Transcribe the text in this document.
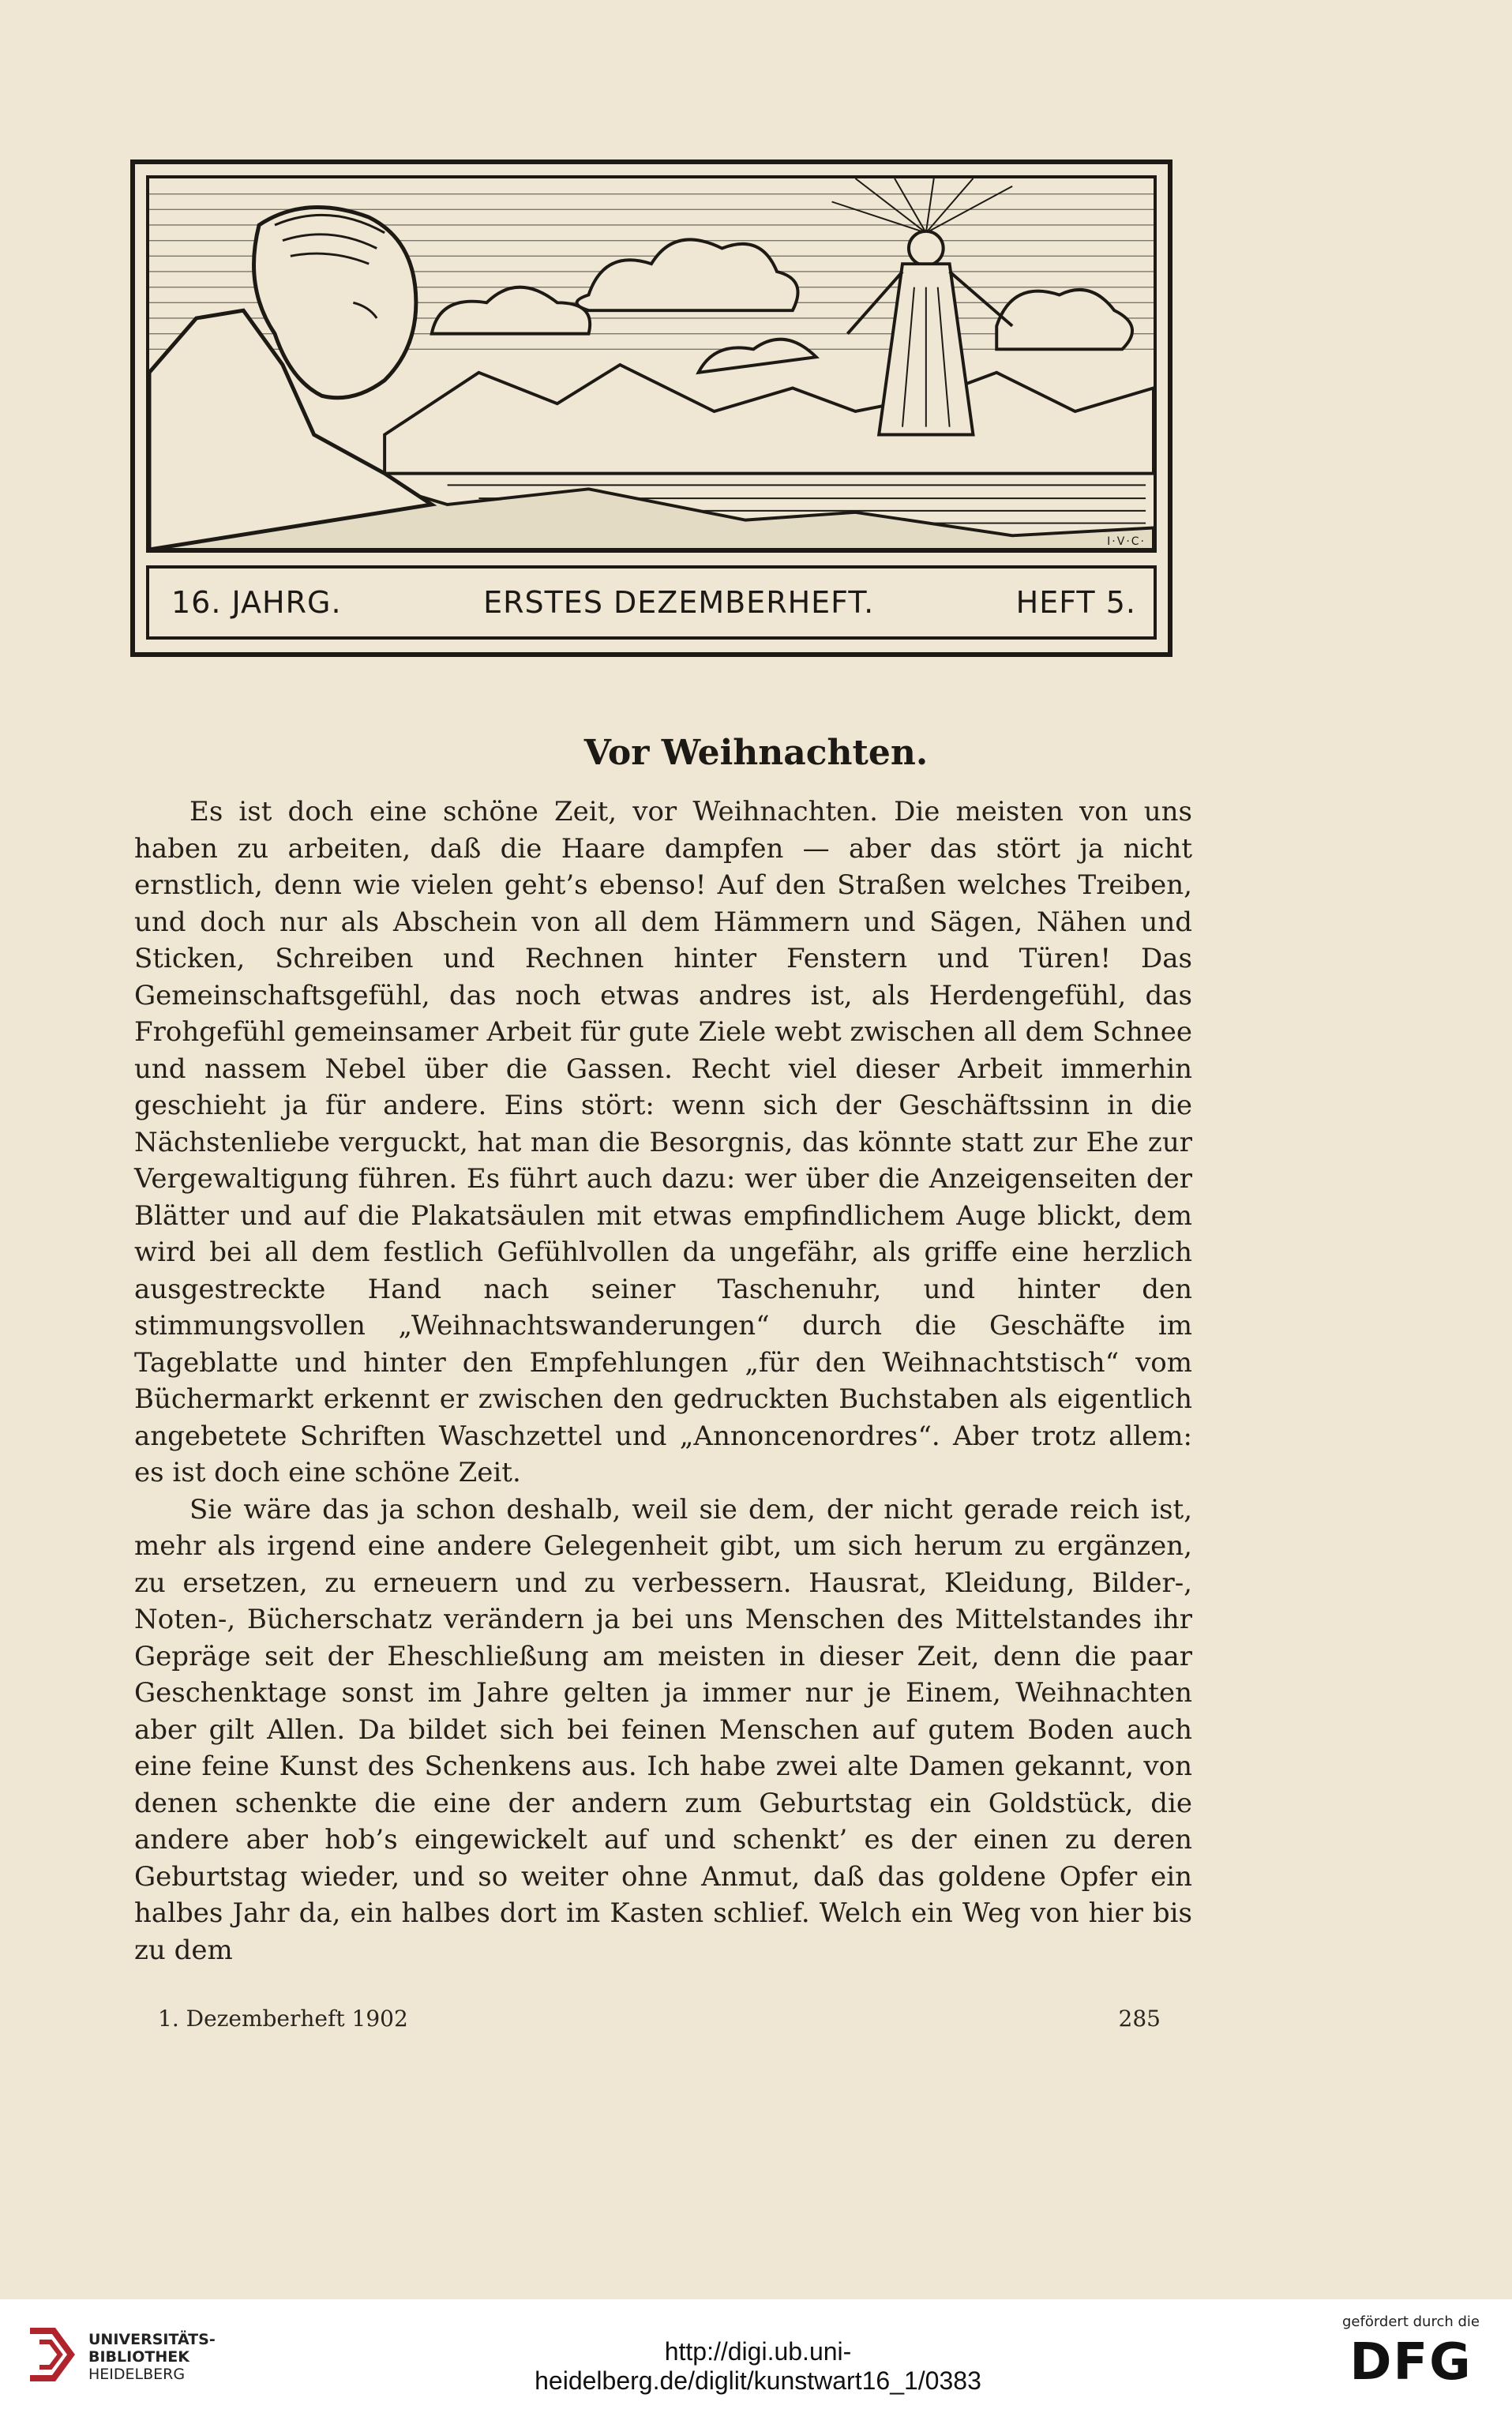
I·V·C·
16. JAHRG.	ERSTES DEZEMBERHEFT.	HEFT 5.
Vor Weihnachten.

Es ist doch eine schöne Zeit, vor Weihnachten. Die meisten von uns haben zu arbeiten, daß die Haare dampfen — aber das stört ja nicht ernstlich, denn wie vielen geht’s ebenso! Auf den Straßen welches Treiben, und doch nur als Abschein von all dem Hämmern und Sägen, Nähen und Sticken, Schreiben und Rechnen hinter Fenstern und Türen! Das Gemeinschaftsgefühl, das noch etwas andres ist, als Herdengefühl, das Frohgefühl gemeinsamer Arbeit für gute Ziele webt zwischen all dem Schnee und nassem Nebel über die Gassen. Recht viel dieser Arbeit immerhin geschieht ja für andere. Eins stört: wenn sich der Geschäftssinn in die Nächstenliebe verguckt, hat man die Besorgnis, das könnte statt zur Ehe zur Vergewaltigung führen. Es führt auch dazu: wer über die Anzeigenseiten der Blätter und auf die Plakatsäulen mit etwas empfindlichem Auge blickt, dem wird bei all dem festlich Gefühlvollen da ungefähr, als griffe eine herzlich ausgestreckte Hand nach seiner Taschenuhr, und hinter den stimmungsvollen „Weihnachtswanderungen“ durch die Geschäfte im Tageblatte und hinter den Empfehlungen „für den Weihnachtstisch“ vom Büchermarkt erkennt er zwischen den gedruckten Buchstaben als eigentlich angebetete Schriften Waschzettel und „Annoncenordres“. Aber trotz allem: es ist doch eine schöne Zeit.

Sie wäre das ja schon deshalb, weil sie dem, der nicht gerade reich ist, mehr als irgend eine andere Gelegenheit gibt, um sich herum zu ergänzen, zu ersetzen, zu erneuern und zu verbessern. Hausrat, Kleidung, Bilder-, Noten-, Bücherschatz verändern ja bei uns Menschen des Mittelstandes ihr Gepräge seit der Eheschließung am meisten in dieser Zeit, denn die paar Geschenktage sonst im Jahre gelten ja immer nur je Einem, Weihnachten aber gilt Allen. Da bildet sich bei feinen Menschen auf gutem Boden auch eine feine Kunst des Schenkens aus. Ich habe zwei alte Damen gekannt, von denen schenkte die eine der andern zum Geburtstag ein Goldstück, die andere aber hob’s eingewickelt auf und schenkt’ es der einen zu deren Geburtstag wieder, und so weiter ohne Anmut, daß das goldene Opfer ein halbes Jahr da, ein halbes dort im Kasten schlief. Welch ein Weg von hier bis zu dem

1. Dezemberheft 1902	285
UNIVERSITÄTS-
BIBLIOTHEK
HEIDELBERG
http://digi.ub.uni-heidelberg.de/diglit/kunstwart16_1/0383
gefördert durch die
DFG
